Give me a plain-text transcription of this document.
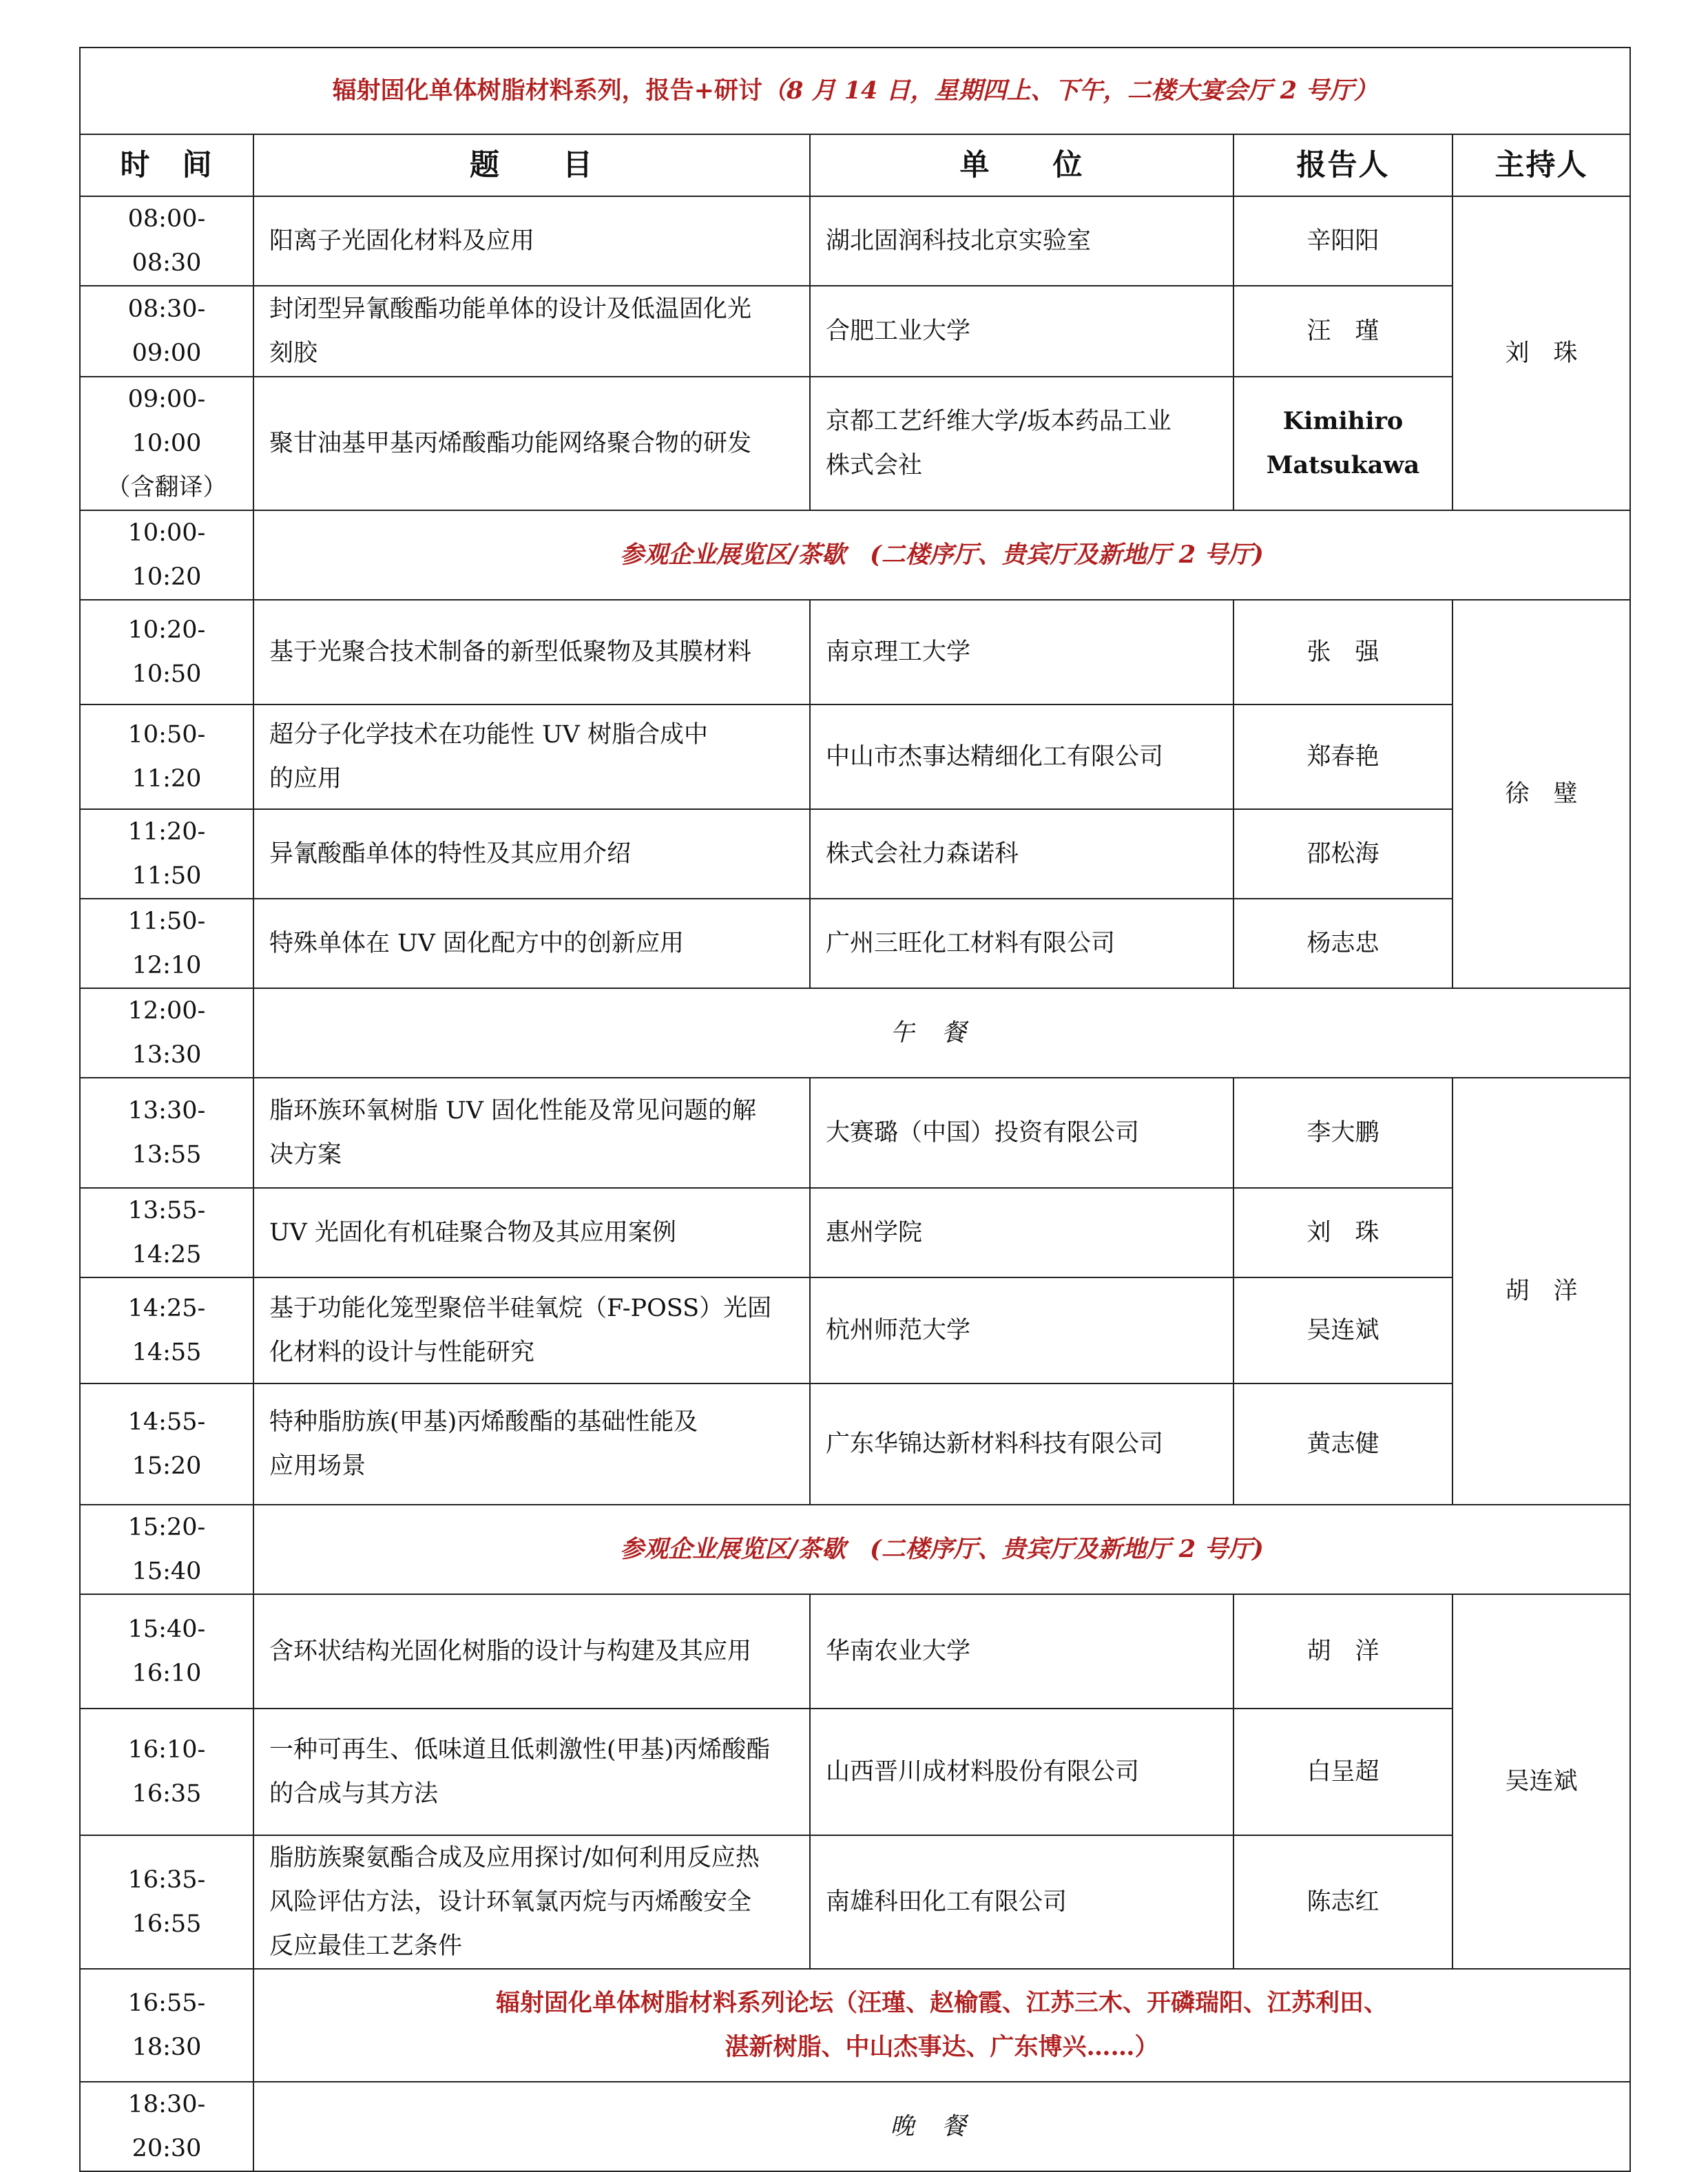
辐射固化单体树脂材料系列，报告+研讨（8 月 14 日，星期四上、下午，二楼大宴会厅 2 号厅）				
时　间	题　　目	单　　位	报告人	主持人
08:00-08:30	阳离子光固化材料及应用	湖北固润科技北京实验室	辛阳阳	刘　珠
08:30-09:00	封闭型异氰酸酯功能单体的设计及低温固化光
刻胶	合肥工业大学	汪　瑾	
09:00-10:00
（含翻译）	聚甘油基甲基丙烯酸酯功能网络聚合物的研发	京都工艺纤维大学/坂本药品工业
株式会社	Kimihiro
Matsukawa	
10:00-10:20	参观企业展览区/茶歇　(二楼序厅、贵宾厅及新地厅 2 号厅)			
10:20-10:50	基于光聚合技术制备的新型低聚物及其膜材料	南京理工大学	张　强	徐　璧
10:50-11:20	超分子化学技术在功能性 UV 树脂合成中
的应用	中山市杰事达精细化工有限公司	郑春艳	
11:20-11:50	异氰酸酯单体的特性及其应用介绍	株式会社力森诺科	邵松海	
11:50-12:10	特殊单体在 UV 固化配方中的创新应用	广州三旺化工材料有限公司	杨志忠	
12:00-13:30	午餐			
13:30-13:55	脂环族环氧树脂 UV 固化性能及常见问题的解
决方案	大赛璐（中国）投资有限公司	李大鹏	胡　洋
13:55-14:25	UV 光固化有机硅聚合物及其应用案例	惠州学院	刘　珠	
14:25-14:55	基于功能化笼型聚倍半硅氧烷（F-POSS）光固
化材料的设计与性能研究	杭州师范大学	吴连斌	
14:55-15:20	特种脂肪族(甲基)丙烯酸酯的基础性能及
应用场景	广东华锦达新材料科技有限公司	黄志健	
15:20-15:40	参观企业展览区/茶歇　(二楼序厅、贵宾厅及新地厅 2 号厅)			
15:40-16:10	含环状结构光固化树脂的设计与构建及其应用	华南农业大学	胡　洋	吴连斌
16:10-16:35	一种可再生、低味道且低刺激性(甲基)丙烯酸酯
的合成与其方法	山西晋川成材料股份有限公司	白呈超	
16:35-16:55	脂肪族聚氨酯合成及应用探讨/如何利用反应热
风险评估方法，设计环氧氯丙烷与丙烯酸安全
反应最佳工艺条件	南雄科田化工有限公司	陈志红	
16:55-18:30	辐射固化单体树脂材料系列论坛（汪瑾、赵榆霞、江苏三木、开磷瑞阳、江苏利田、
湛新树脂、中山杰事达、广东博兴……）			
18:30-20:30	晚餐			
